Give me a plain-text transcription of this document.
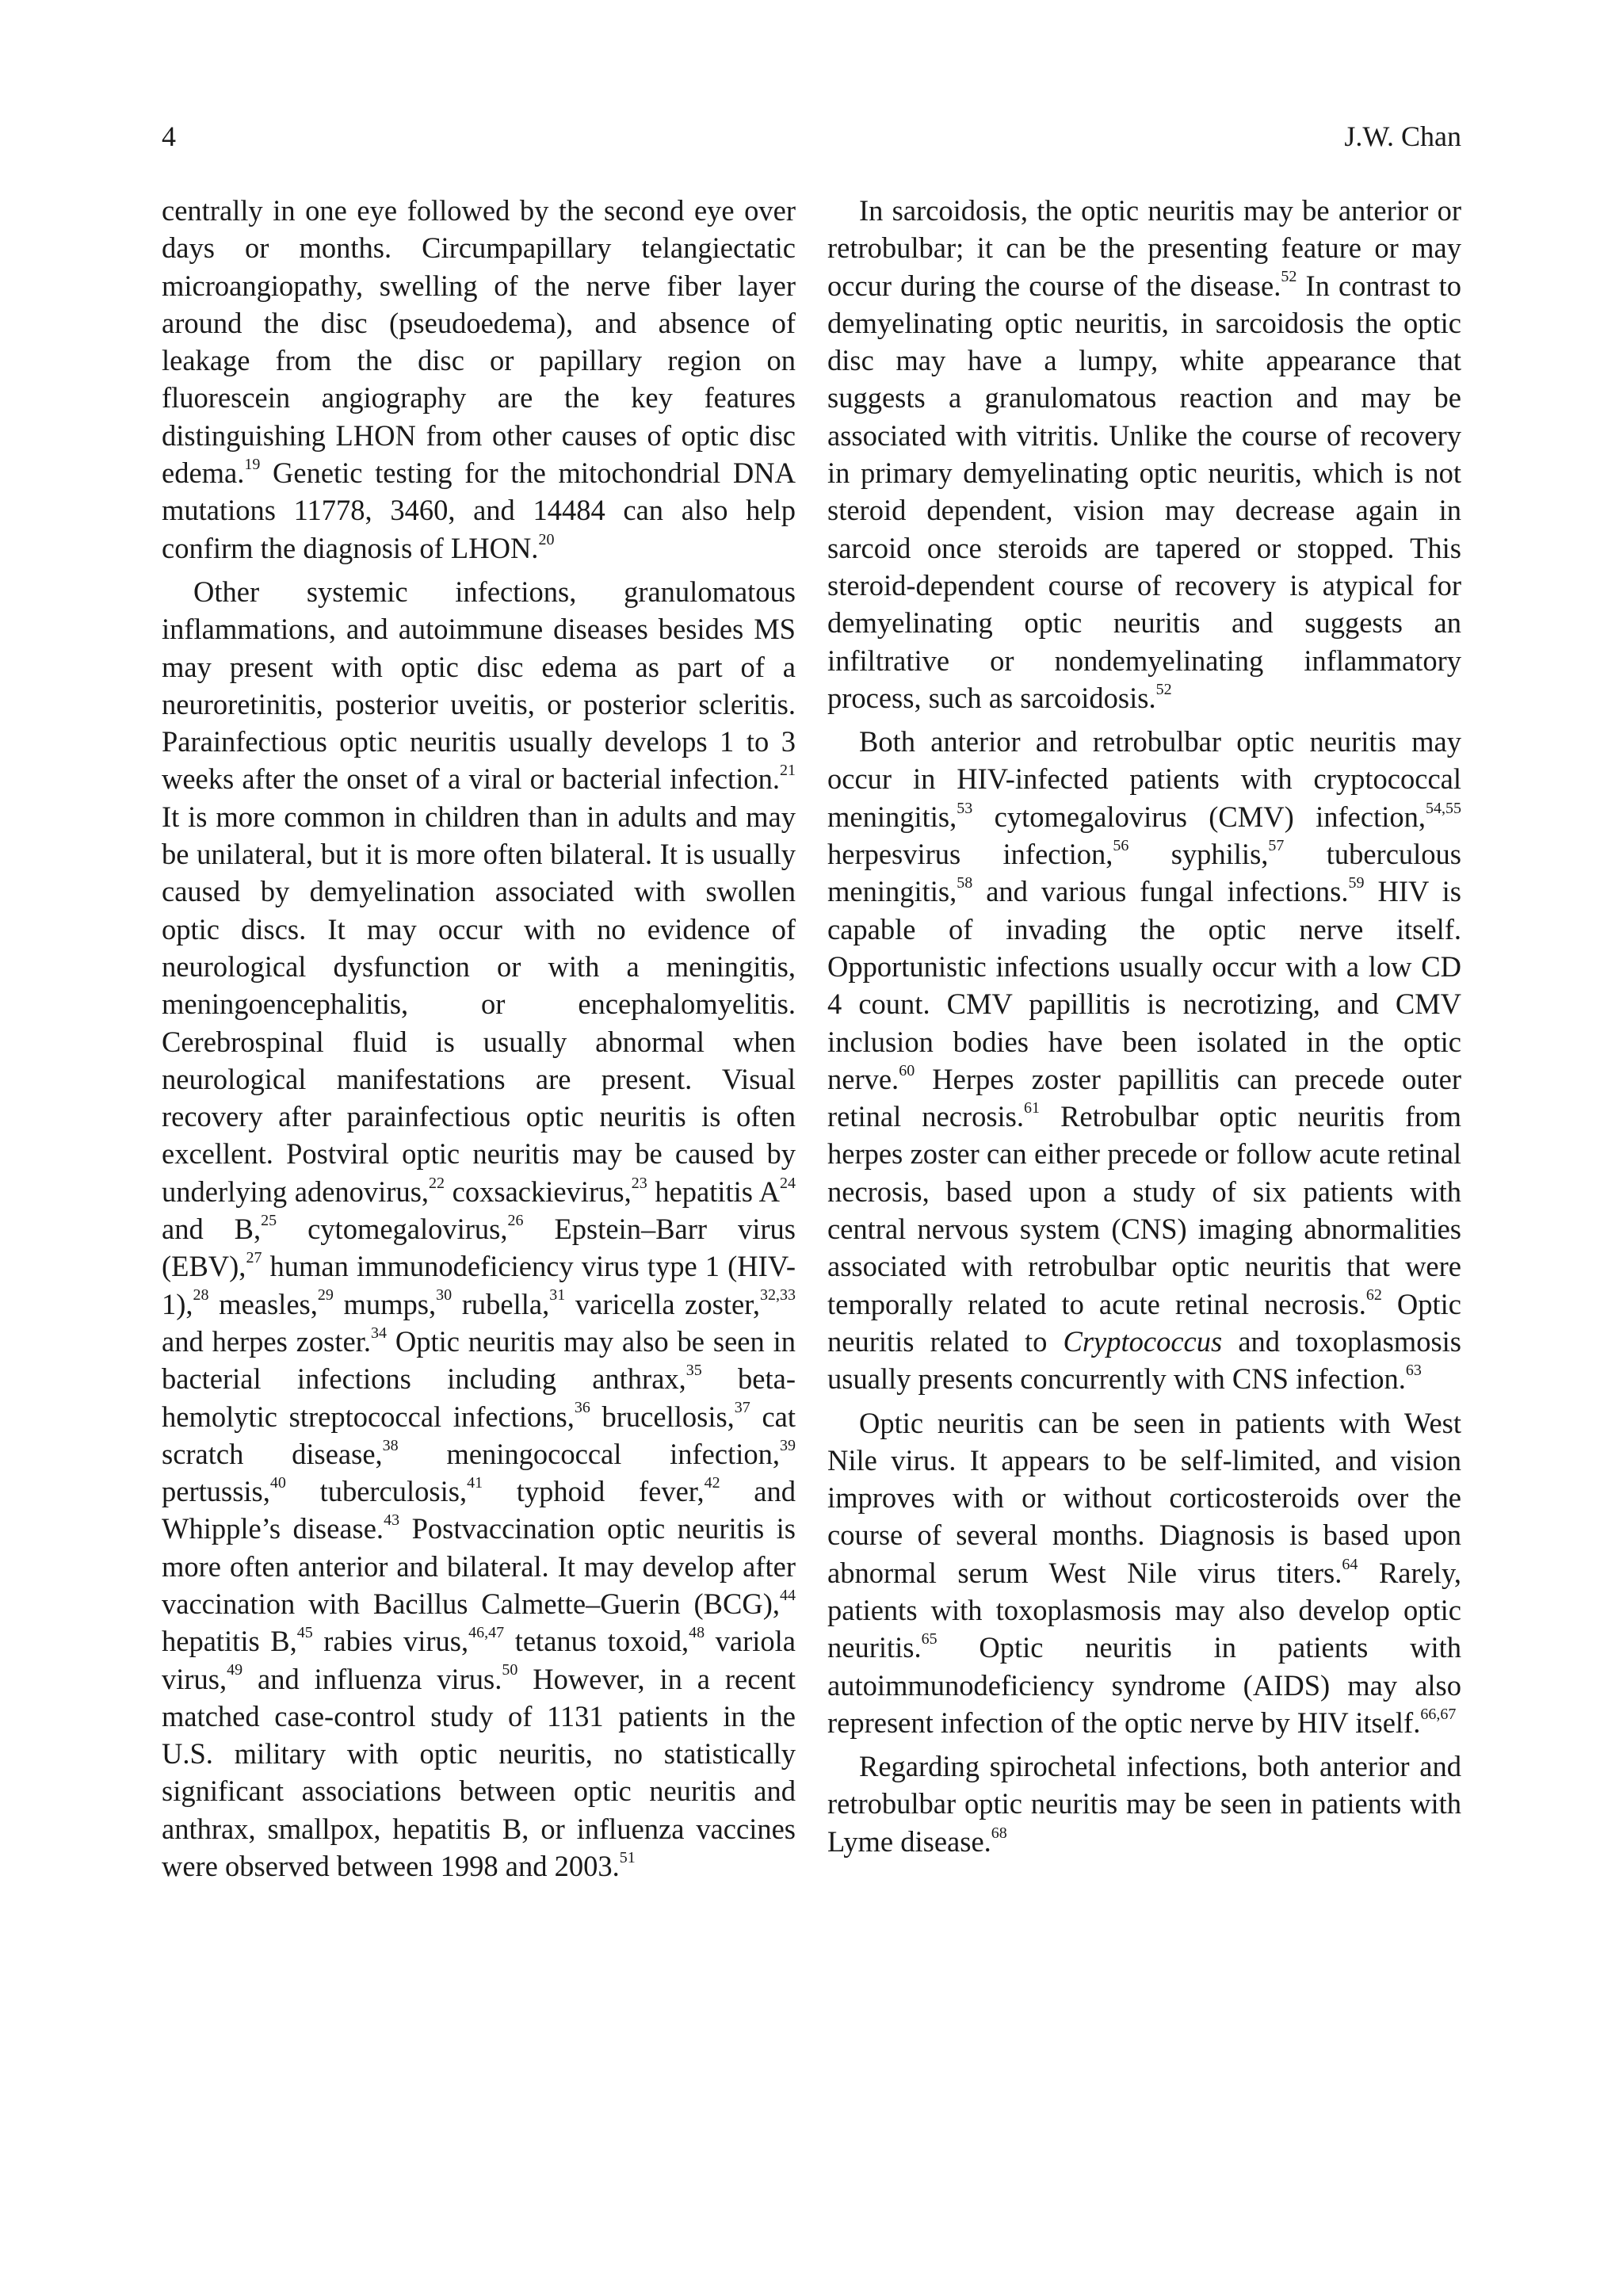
4	J.W. Chan

centrally in one eye followed by the second eye over days or months. Circumpapillary telangiectatic microangiopathy, swelling of the nerve fiber layer around the disc (pseudoedema), and absence of leakage from the disc or papillary region on fluorescein angiography are the key features distinguishing LHON from other causes of optic disc edema.$^{19}$ Genetic testing for the mitochondrial DNA mutations 11778, 3460, and 14484 can also help confirm the diagnosis of LHON.$^{20}$

Other systemic infections, granulomatous inflammations, and autoimmune diseases besides MS may present with optic disc edema as part of a neuroretinitis, posterior uveitis, or posterior scleritis. Parainfectious optic neuritis usually develops 1 to 3 weeks after the onset of a viral or bacterial infection.$^{21}$ It is more common in children than in adults and may be unilateral, but it is more often bilateral. It is usually caused by demyelination associated with swollen optic discs. It may occur with no evidence of neurological dysfunction or with a meningitis, meningoencephalitis, or encephalomyelitis. Cerebrospinal fluid is usually abnormal when neurological manifestations are present. Visual recovery after parainfectious optic neuritis is often excellent. Postviral optic neuritis may be caused by underlying adenovirus,$^{22}$ coxsackievirus,$^{23}$ hepatitis $A^{24}$ and B,$^{25}$ cytomegalovirus,$^{26}$ Epstein–Barr virus (EBV),$^{27}$ human immunodeficiency virus type 1 (HIV-1),$^{28}$ measles,$^{29}$ mumps,$^{30}$ rubella,$^{31}$ varicella zoster,$^{32,33}$ and herpes zoster.$^{34}$ Optic neuritis may also be seen in bacterial infections including anthrax,$^{35}$ beta-hemolytic streptococcal infections,$^{36}$ brucellosis,$^{37}$ cat scratch disease,$^{38}$ meningococcal infection,$^{39}$ pertussis,$^{40}$ tuberculosis,$^{41}$ typhoid fever,$^{42}$ and Whipple’s disease.$^{43}$ Postvaccination optic neuritis is more often anterior and bilateral. It may develop after vaccination with Bacillus Calmette–Guerin (BCG),$^{44}$ hepatitis B,$^{45}$ rabies virus,$^{46,47}$ tetanus toxoid,$^{48}$ variola virus,$^{49}$ and influenza virus.$^{50}$ However, in a recent matched case-control study of 1131 patients in the U.S. military with optic neuritis, no statistically significant associations between optic neuritis and anthrax, smallpox, hepatitis B, or influenza vaccines were observed between 1998 and 2003.51

In sarcoidosis, the optic neuritis may be anterior or retrobulbar; it can be the presenting feature or may occur during the course of the disease.$^{52}$ In contrast to demyelinating optic neuritis, in sarcoidosis the optic disc may have a lumpy, white appearance that suggests a granulomatous reaction and may be associated with vitritis. Unlike the course of recovery in primary demyelinating optic neuritis, which is not steroid dependent, vision may decrease again in sarcoid once steroids are tapered or stopped. This steroid-dependent course of recovery is atypical for demyelinating optic neuritis and suggests an infiltrative or nondemyelinating inflammatory process, such as sarcoidosis.$^{52}$

Both anterior and retrobulbar optic neuritis may occur in HIV-infected patients with cryptococcal meningitis,$^{53}$ cytomegalovirus (CMV) infection,$^{54,55}$ herpesvirus infection,$^{56}$ syphilis,$^{57}$ tuberculous meningitis,$^{58}$ and various fungal infections.$^{59}$ HIV is capable of invading the optic nerve itself. Opportunistic infections usually occur with a low CD 4 count. CMV papillitis is necrotizing, and CMV inclusion bodies have been isolated in the optic nerve.$^{60}$ Herpes zoster papillitis can precede outer retinal necrosis.$^{61}$ Retrobulbar optic neuritis from herpes zoster can either precede or follow acute retinal necrosis, based upon a study of six patients with central nervous system (CNS) imaging abnormalities associated with retrobulbar optic neuritis that were temporally related to acute retinal necrosis.$^{62}$ Optic neuritis related to Cryptococcus and toxoplasmosis usually presents concurrently with CNS infection.$^{63}$

Optic neuritis can be seen in patients with West Nile virus. It appears to be self-limited, and vision improves with or without corticosteroids over the course of several months. Diagnosis is based upon abnormal serum West Nile virus titers.$^{64}$ Rarely, patients with toxoplasmosis may also develop optic neuritis.$^{65}$ Optic neuritis in patients with autoimmunodeficiency syndrome (AIDS) may also represent infection of the optic nerve by HIV itself.$^{66,67}$

Regarding spirochetal infections, both anterior and retrobulbar optic neuritis may be seen in patients with Lyme disease.$^{68}$
